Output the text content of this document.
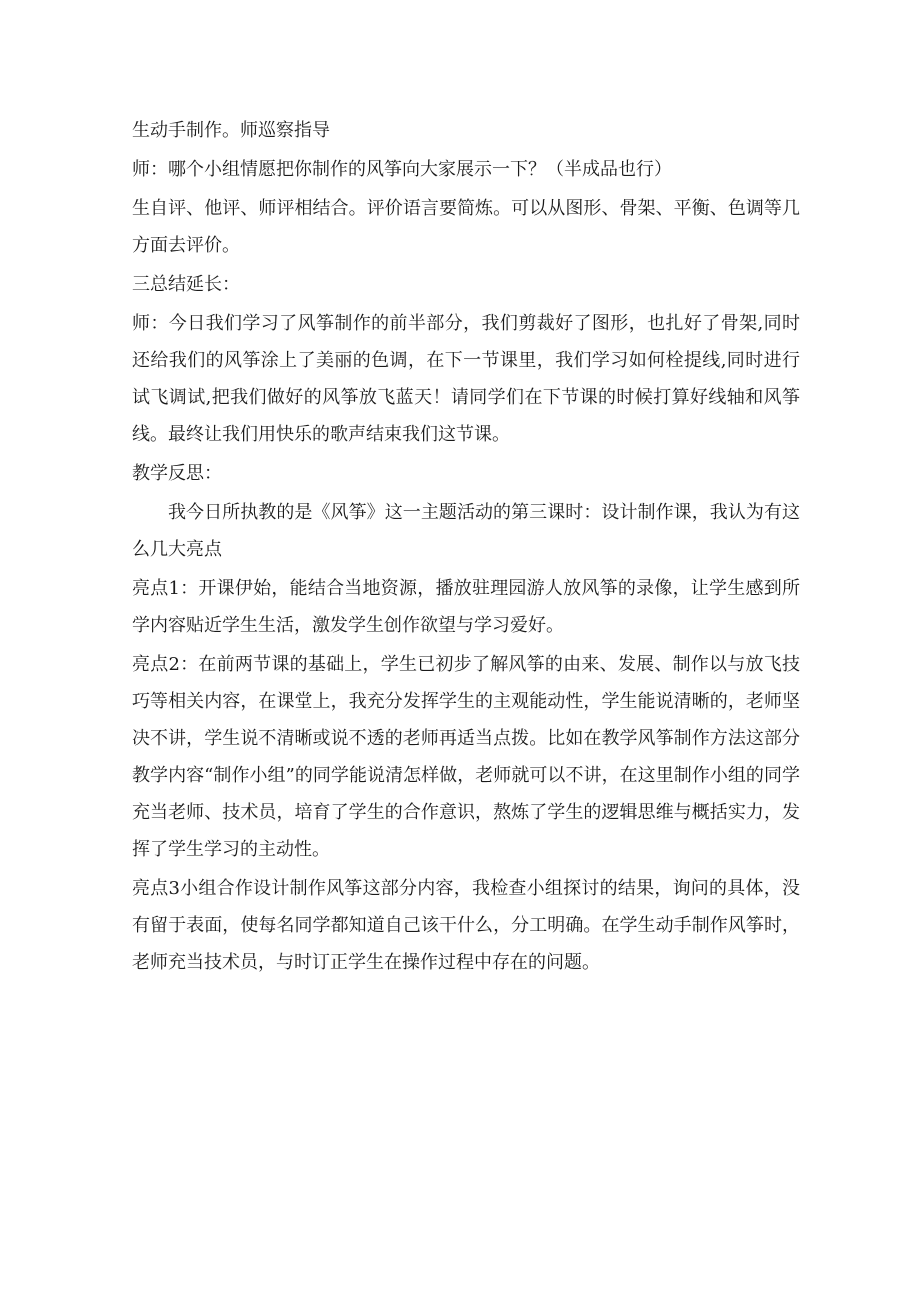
生动手制作。师巡察指导

师：哪个小组情愿把你制作的风筝向大家展示一下？（半成品也行）

生自评、他评、师评相结合。评价语言要简炼。可以从图形、骨架、平衡、色调等几方面去评价。

三总结延长：

师：今日我们学习了风筝制作的前半部分，我们剪裁好了图形，也扎好了骨架,同时还给我们的风筝涂上了美丽的色调，在下一节课里，我们学习如何栓提线,同时进行试飞调试,把我们做好的风筝放飞蓝天！请同学们在下节课的时候打算好线轴和风筝线。最终让我们用快乐的歌声结束我们这节课。

教学反思：

我今日所执教的是《风筝》这一主题活动的第三课时：设计制作课，我认为有这么几大亮点

亮点1：开课伊始，能结合当地资源，播放驻理园游人放风筝的录像，让学生感到所学内容贴近学生生活，激发学生创作欲望与学习爱好。

亮点2：在前两节课的基础上，学生已初步了解风筝的由来、发展、制作以与放飞技巧等相关内容，在课堂上，我充分发挥学生的主观能动性，学生能说清晰的，老师坚决不讲，学生说不清晰或说不透的老师再适当点拨。比如在教学风筝制作方法这部分教学内容“制作小组”的同学能说清怎样做，老师就可以不讲，在这里制作小组的同学充当老师、技术员，培育了学生的合作意识，熬炼了学生的逻辑思维与概括实力，发挥了学生学习的主动性。

亮点3小组合作设计制作风筝这部分内容，我检查小组探讨的结果，询问的具体，没有留于表面，使每名同学都知道自己该干什么，分工明确。在学生动手制作风筝时，老师充当技术员，与时订正学生在操作过程中存在的问题。
